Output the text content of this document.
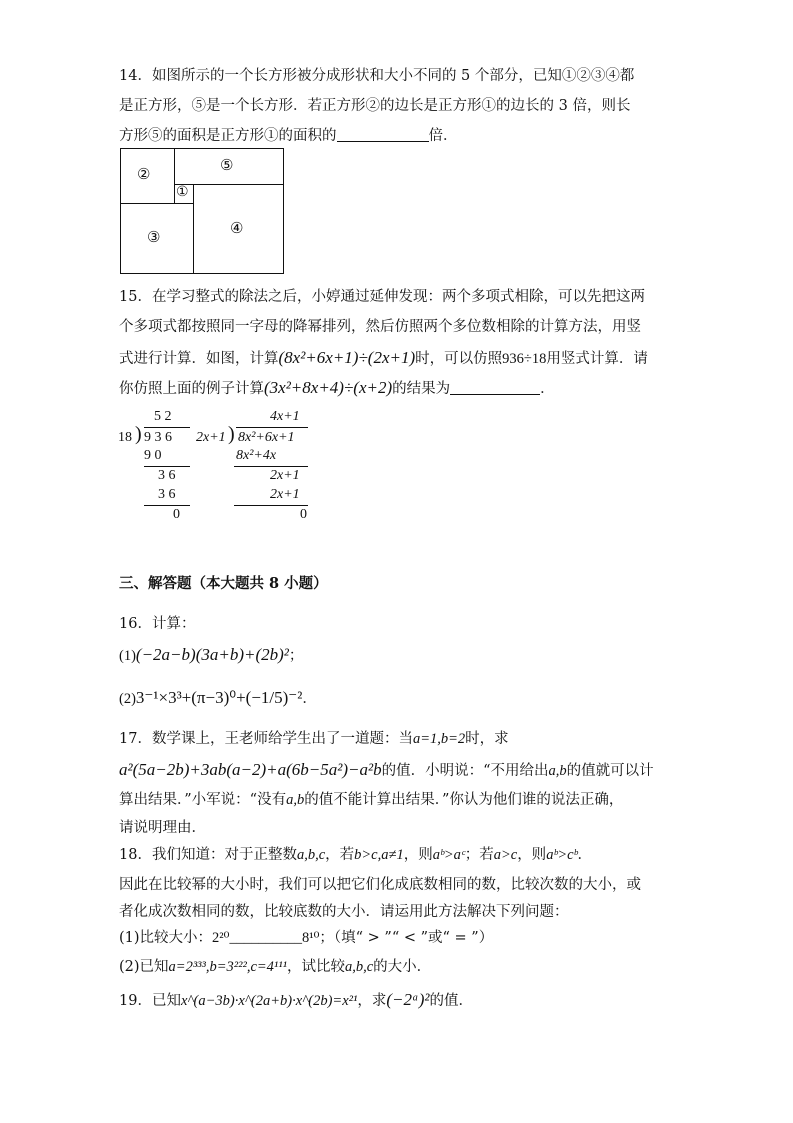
14．如图所示的一个长方形被分成形状和大小不同的 5 个部分，已知①②③④都
是正方形，⑤是一个长方形．若正方形②的边长是正方形①的边长的 3 倍，则长
方形⑤的面积是正方形①的面积的	倍．
②	⑤
①
③	④
15．在学习整式的除法之后，小婷通过延伸发现：两个多项式相除，可以先把这两
个多项式都按照同一字母的降幂排列，然后仿照两个多位数相除的计算方法，用竖
式进行计算．如图，计算(8x²+6x+1)÷(2x+1)时，可以仿照936÷18用竖式计算．请
你仿照上面的例子计算(3x²+8x+4)÷(x+2)的结果为	．
5 2
18 ) 9 3 6
9 0
3 6
3 6
0
4x+1
2x+1 ) 8x²+6x+1
8x²+4x
2x+1
2x+1
0
三、解答题（本大题共 8 小题）
16．计算：
(1)(−2a−b)(3a+b)+(2b)²；
(2)3⁻¹×3³+(π−3)⁰+(−1/5)⁻²．
17．数学课上，王老师给学生出了一道题：当a=1,b=2时，求
a²(5a−2b)+3ab(a−2)+a(6b−5a²)−a²b的值．小明说：“不用给出a,b的值就可以计
算出结果．”小军说：“没有a,b的值不能计算出结果．”你认为他们谁的说法正确，
请说明理由．
18．我们知道：对于正整数a,b,c，若b>c,a≠1，则aᵇ>aᶜ；若a>c，则aᵇ>cᵇ．
因此在比较幂的大小时，我们可以把它们化成底数相同的数，比较次数的大小，或
者化成次数相同的数，比较底数的大小．请运用此方法解决下列问题：
(1)比较大小：2²⁰__________8¹⁰；（填“ > ”“ < ”或“ = ”）
(2)已知a=2³³³,b=3²²²,c=4¹¹¹，试比较a,b,c的大小．
19．已知x^(a−3b)·x^(2a+b)·x^(2b)=x²¹，求(−2ᵃ)²的值．
